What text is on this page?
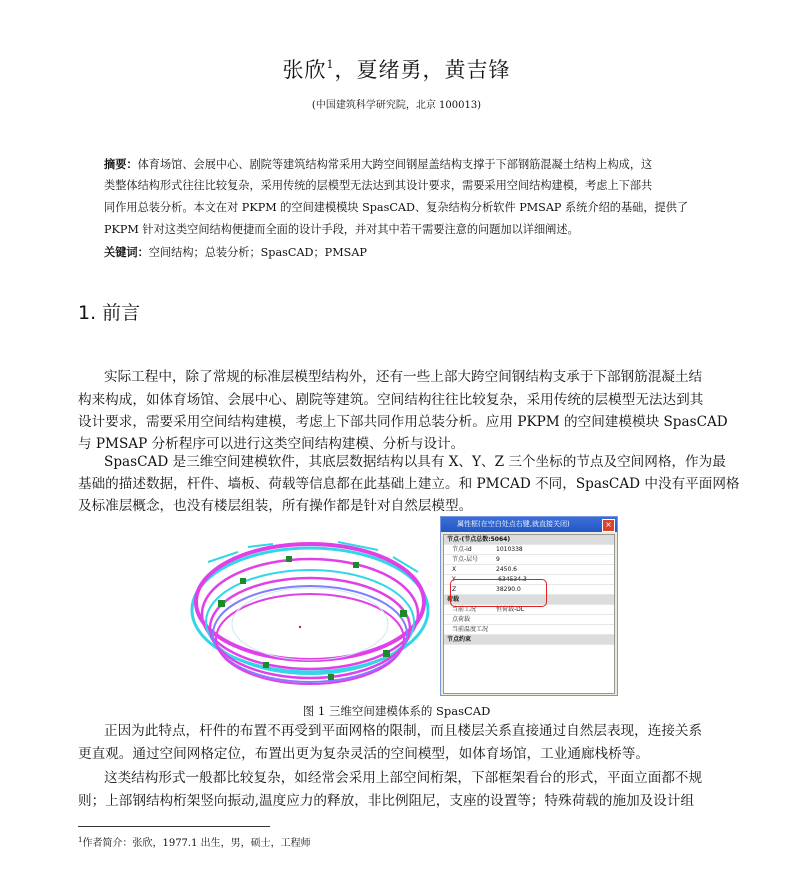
张欣$^1$，夏绪勇，黄吉锋
(中国建筑科学研究院，北京 100013)
摘要：体育场馆、会展中心、剧院等建筑结构常采用大跨空间钢屋盖结构支撑于下部钢筋混凝土结构上构成，这
类整体结构形式往往比较复杂，采用传统的层模型无法达到其设计要求，需要采用空间结构建模，考虑上下部共
同作用总装分析。本文在对 PKPM 的空间建模模块 SpasCAD、复杂结构分析软件 PMSAP 系统介绍的基础，提供了
PKPM 针对这类空间结构便捷而全面的设计手段，并对其中若干需要注意的问题加以详细阐述。
关键词：空间结构；总装分析；SpasCAD；PMSAP
1. 前言
实际工程中，除了常规的标准层模型结构外，还有一些上部大跨空间钢结构支承于下部钢筋混凝土结
构来构成，如体育场馆、会展中心、剧院等建筑。空间结构往往比较复杂，采用传统的层模型无法达到其
设计要求，需要采用空间结构建模，考虑上下部共同作用总装分析。应用 PKPM 的空间建模模块 SpasCAD
与 PMSAP 分析程序可以进行这类空间结构建模、分析与设计。
SpasCAD 是三维空间建模软件，其底层数据结构以具有 X、Y、Z 三个坐标的节点及空间网格，作为最
基础的描述数据，杆件、墙板、荷载等信息都在此基础上建立。和 PMCAD 不同，SpasCAD 中没有平面网格
及标准层概念，也没有楼层组装，所有操作都是针对自然层模型。
属性框(在空白处点右键,就直接关闭)	×
节点-(节点总数:5064)
节点-id	1010338
节点-层号	9
X	2450.6
Y	-634534.3
Z	38290.0
荷载
当前工况	恒荷载-DL
点荷载
当前温度工况
节点约束
图 1 三维空间建模体系的 SpasCAD
正因为此特点，杆件的布置不再受到平面网格的限制，而且楼层关系直接通过自然层表现，连接关系
更直观。通过空间网格定位，布置出更为复杂灵活的空间模型，如体育场馆，工业通廊栈桥等。
这类结构形式一般都比较复杂，如经常会采用上部空间桁架，下部框架看台的形式，平面立面都不规
则；上部钢结构桁架竖向振动,温度应力的释放，非比例阻尼，支座的设置等；特殊荷载的施加及设计组
$^1$作者简介：张欣，1977.1 出生，男，硕士，工程师
